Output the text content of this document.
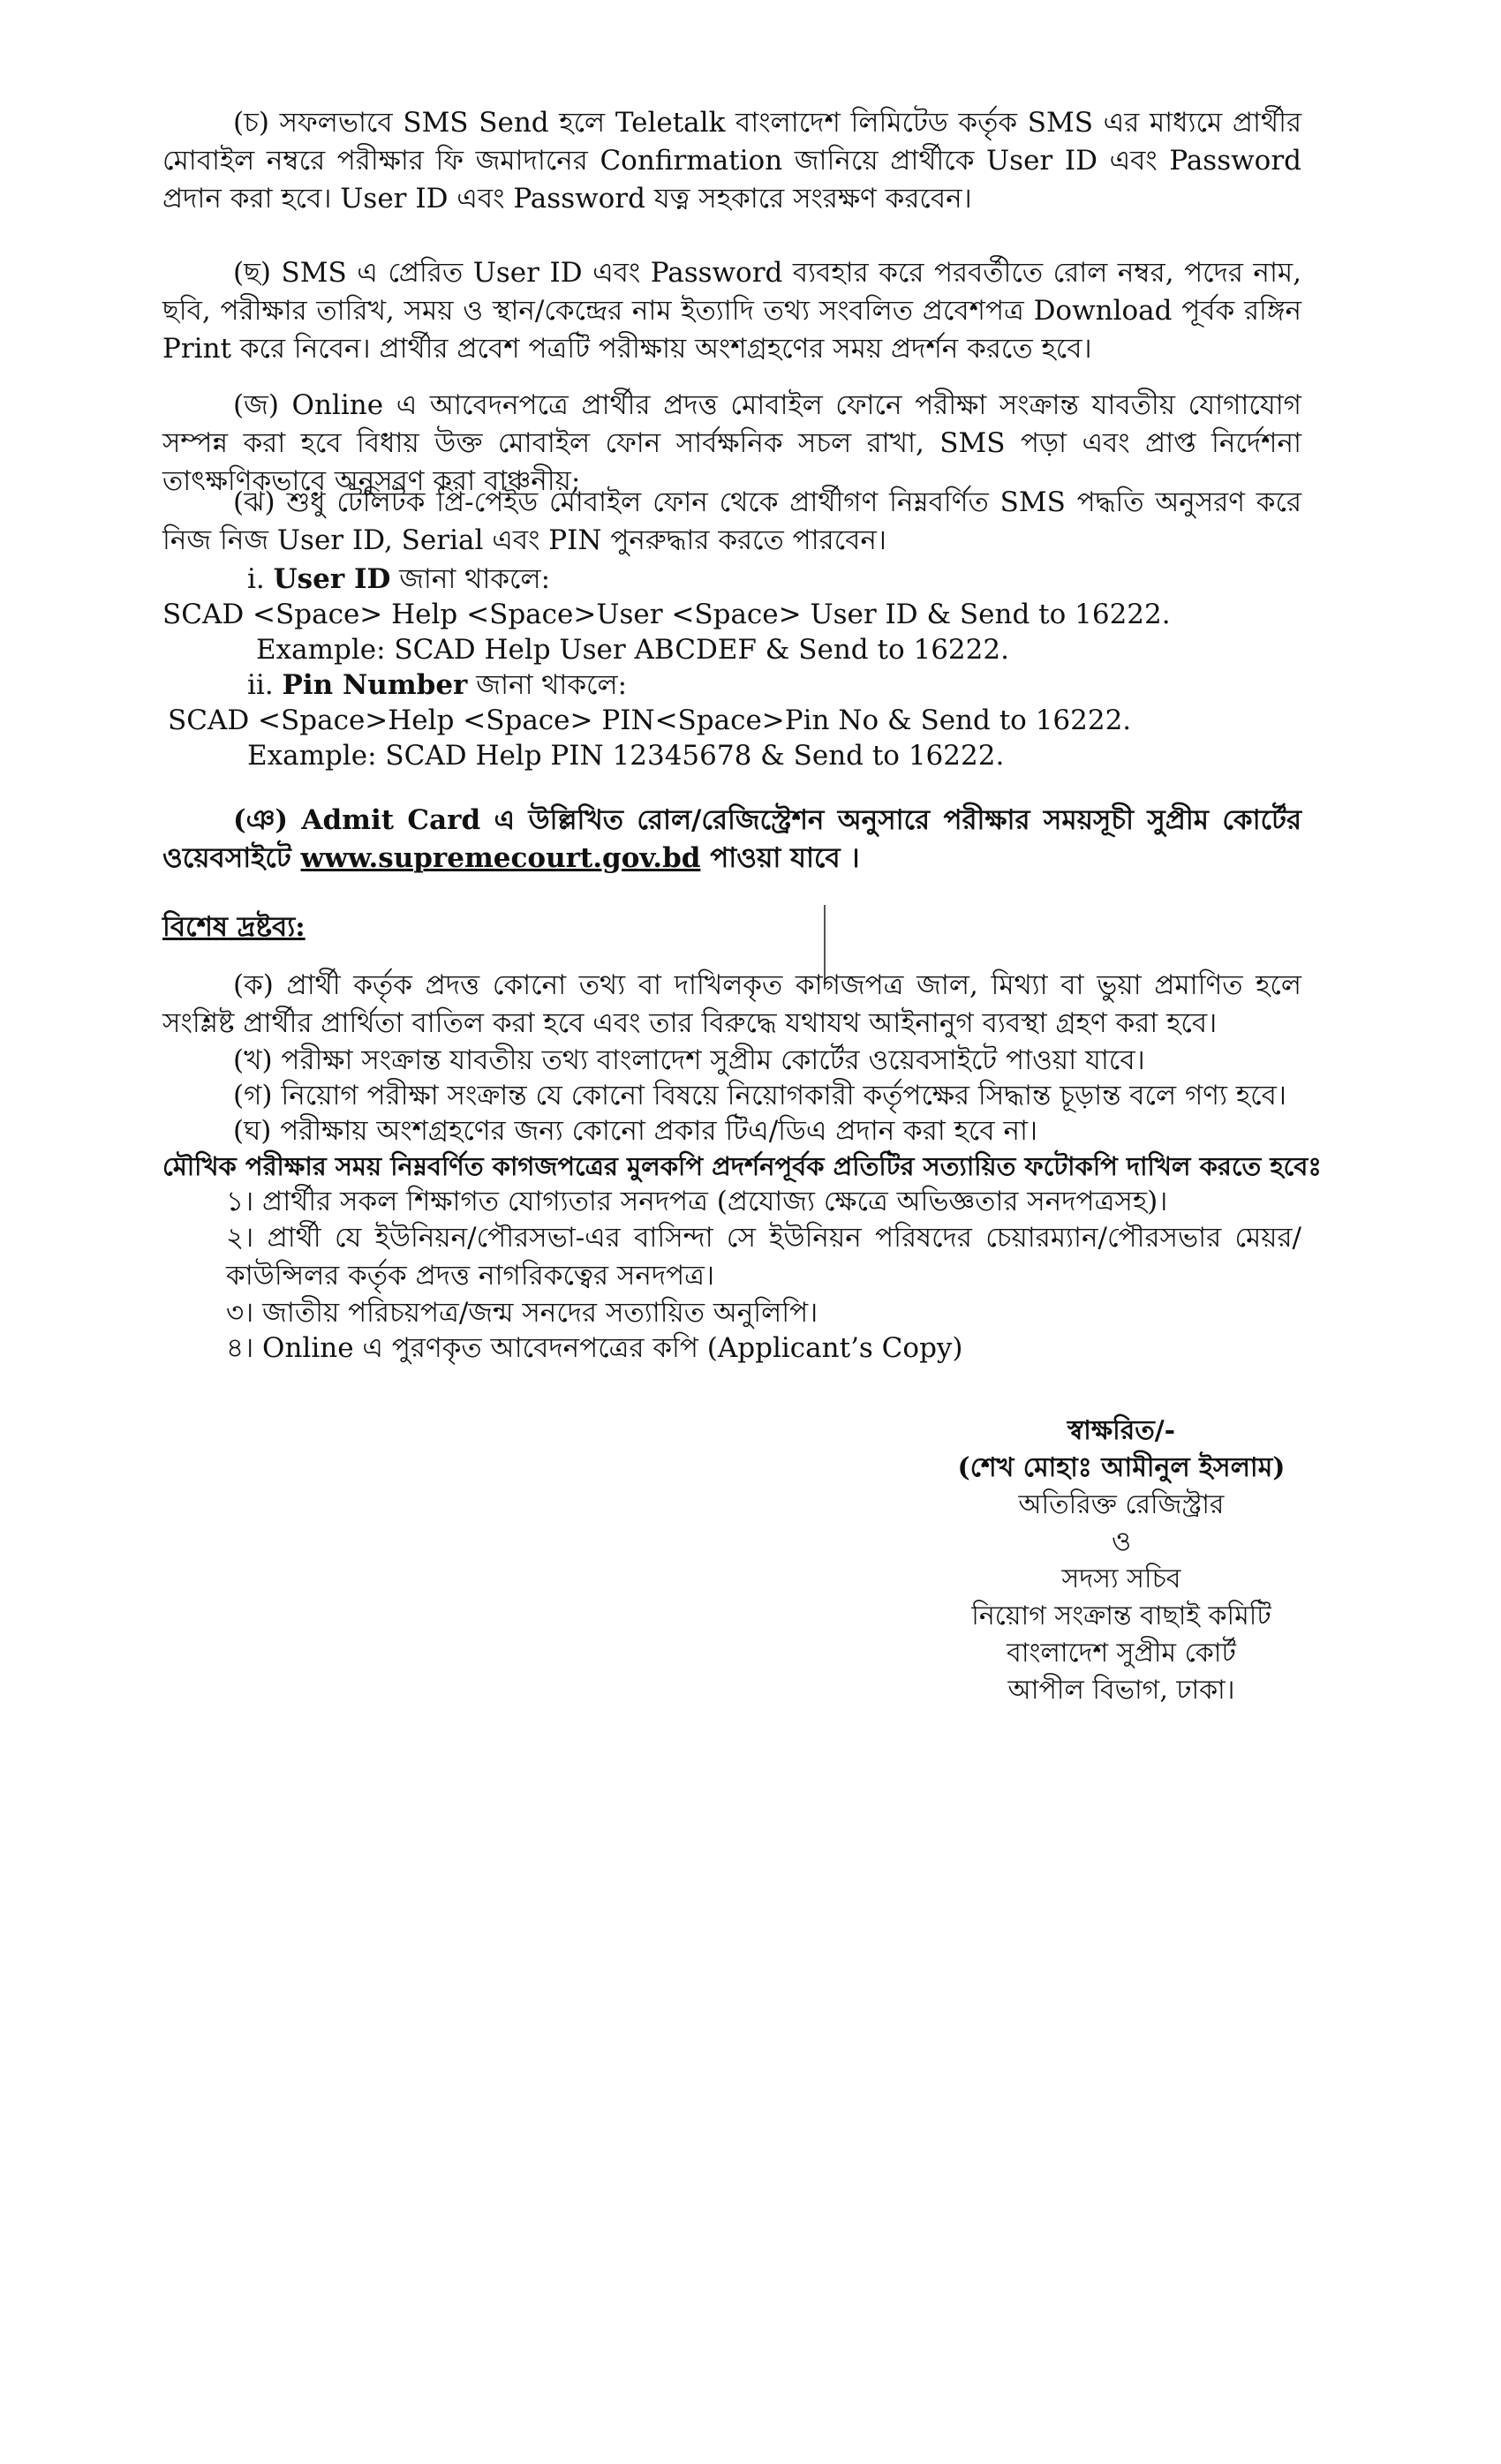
(চ) সফলভাবে SMS Send হলে Teletalk বাংলাদেশ লিমিটেড কর্তৃক SMS এর মাধ্যমে প্রার্থীর মোবাইল নম্বরে পরীক্ষার ফি জমাদানের Confirmation জানিয়ে প্রার্থীকে User ID এবং Password প্রদান করা হবে। User ID এবং Password যত্ন সহকারে সংরক্ষণ করবেন।

(ছ) SMS এ প্রেরিত User ID এবং Password ব্যবহার করে পরবর্তীতে রোল নম্বর, পদের নাম, ছবি, পরীক্ষার তারিখ, সময় ও স্থান/কেন্দ্রের নাম ইত্যাদি তথ্য সংবলিত প্রবেশপত্র Download পূর্বক রঙ্গিন Print করে নিবেন। প্রার্থীর প্রবেশ পত্রটি পরীক্ষায় অংশগ্রহণের সময় প্রদর্শন করতে হবে।

(জ) Online এ আবেদনপত্রে প্রার্থীর প্রদত্ত মোবাইল ফোনে পরীক্ষা সংক্রান্ত যাবতীয় যোগাযোগ সম্পন্ন করা হবে বিধায় উক্ত মোবাইল ফোন সার্বক্ষনিক সচল রাখা, SMS পড়া এবং প্রাপ্ত নির্দেশনা তাৎক্ষণিকভাবে অনুসরণ করা বাঞ্চনীয়;

(ঝ) শুধু টেলিটক প্রি-পেইড মোবাইল ফোন থেকে প্রার্থীগণ নিম্নবর্ণিত SMS পদ্ধতি অনুসরণ করে নিজ নিজ User ID, Serial এবং PIN পুনরুদ্ধার করতে পারবেন।

i. User ID জানা থাকলে:
SCAD <Space> Help <Space>User <Space> User ID & Send to 16222.
Example: SCAD Help User ABCDEF & Send to 16222.
ii. Pin Number জানা থাকলে:
SCAD <Space>Help <Space> PIN<Space>Pin No & Send to 16222.
Example: SCAD Help PIN 12345678 & Send to 16222.

(ঞ) Admit Card এ উল্লিখিত রোল/রেজিস্ট্রেশন অনুসারে পরীক্ষার সময়সূচী সুপ্রীম কোর্টের ওয়েবসাইটে www.supremecourt.gov.bd পাওয়া যাবে ।

বিশেষ দ্রষ্টব্য:

(ক) প্রার্থী কর্তৃক প্রদত্ত কোনো তথ্য বা দাখিলকৃত কাগজপত্র জাল, মিথ্যা বা ভুয়া প্রমাণিত হলে সংশ্লিষ্ট প্রার্থীর প্রার্থিতা বাতিল করা হবে এবং তার বিরুদ্ধে যথাযথ আইনানুগ ব্যবস্থা গ্রহণ করা হবে।

(খ) পরীক্ষা সংক্রান্ত যাবতীয় তথ্য বাংলাদেশ সুপ্রীম কোর্টের ওয়েবসাইটে পাওয়া যাবে।
(গ) নিয়োগ পরীক্ষা সংক্রান্ত যে কোনো বিষয়ে নিয়োগকারী কর্তৃপক্ষের সিদ্ধান্ত চূড়ান্ত বলে গণ্য হবে।
(ঘ) পরীক্ষায় অংশগ্রহণের জন্য কোনো প্রকার টিএ/ডিএ প্রদান করা হবে না।
মৌখিক পরীক্ষার সময় নিম্নবর্ণিত কাগজপত্রের মুলকপি প্রদর্শনপূর্বক প্রতিটির সত্যায়িত ফটোকপি দাখিল করতে হবেঃ
১। প্রার্থীর সকল শিক্ষাগত যোগ্যতার সনদপত্র (প্রযোজ্য ক্ষেত্রে অভিজ্ঞতার সনদপত্রসহ)।

২। প্রার্থী যে ইউনিয়ন/পৌরসভা-এর বাসিন্দা সে ইউনিয়ন পরিষদের চেয়ারম্যান/পৌরসভার মেয়র/কাউন্সিলর কর্তৃক প্রদত্ত নাগরিকত্বের সনদপত্র।

৩। জাতীয় পরিচয়পত্র/জন্ম সনদের সত্যায়িত অনুলিপি।
৪। Online এ পুরণকৃত আবেদনপত্রের কপি (Applicant’s Copy)
স্বাক্ষরিত/-
(শেখ মোহাঃ আমীনুল ইসলাম)
অতিরিক্ত রেজিস্ট্রার
ও
সদস্য সচিব
নিয়োগ সংক্রান্ত বাছাই কমিটি
বাংলাদেশ সুপ্রীম কোর্ট
আপীল বিভাগ, ঢাকা।
